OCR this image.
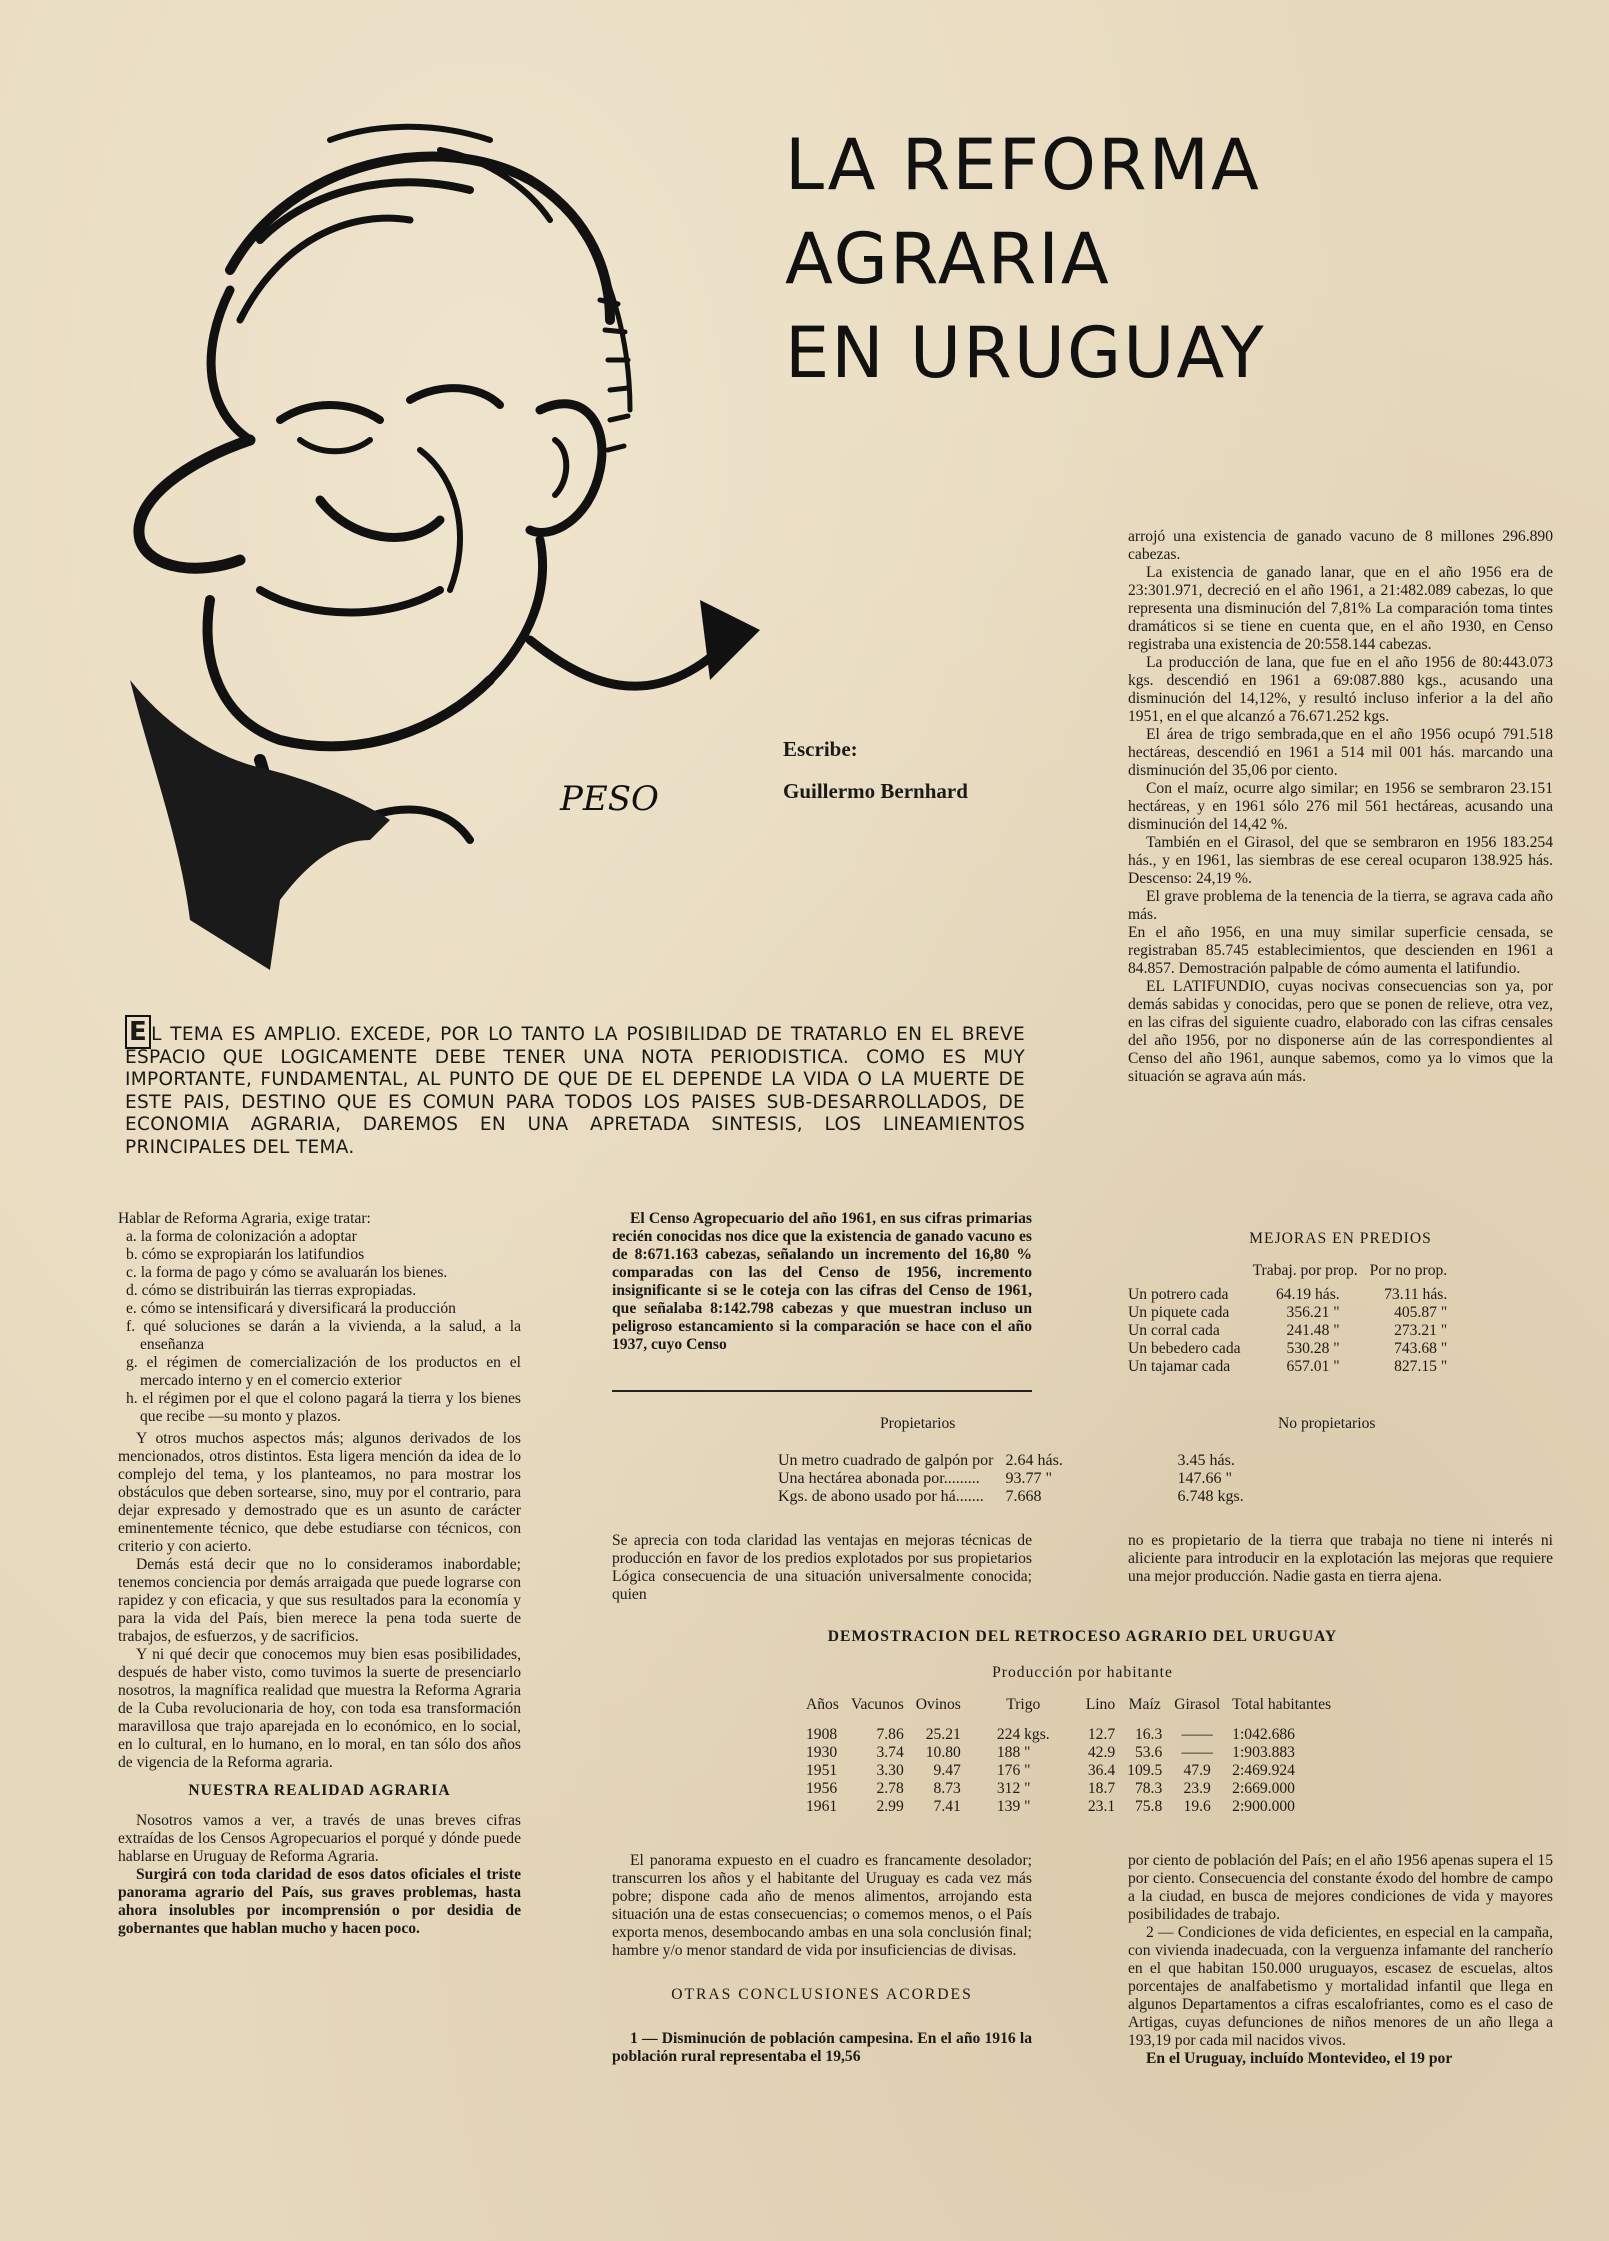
LA REFORMA
AGRARIA
EN URUGUAY
PESO
Escribe:
Guillermo Bernhard
E L TEMA ES AMPLIO. EXCEDE, POR LO TANTO LA POSIBILIDAD DE TRATARLO EN EL BREVE ESPACIO QUE LOGICAMENTE DEBE TENER UNA NOTA PERIODISTICA. COMO ES MUY IMPORTANTE, FUNDAMENTAL, AL PUNTO DE QUE DE EL DEPENDE LA VIDA O LA MUERTE DE ESTE PAIS, DESTINO QUE ES COMUN PARA TODOS LOS PAISES SUB-DESARROLLADOS, DE ECONOMIA AGRARIA, DAREMOS EN UNA APRETADA SINTESIS, LOS LINEAMIENTOS PRINCIPALES DEL TEMA.

Hablar de Reforma Agraria, exige tratar:

a. la forma de colonización a adoptar
b. cómo se expropiarán los latifundios
c. la forma de pago y cómo se avaluarán los bienes.
d. cómo se distribuirán las tierras expropiadas.
e. cómo se intensificará y diversificará la producción
f. qué soluciones se darán a la vivienda, a la salud, a la enseñanza
g. el régimen de comercialización de los productos en el mercado interno y en el comercio exterior
h. el régimen por el que el colono pagará la tierra y los bienes que recibe —su monto y plazos.

Y otros muchos aspectos más; algunos derivados de los mencionados, otros distintos. Esta ligera mención da idea de lo complejo del tema, y los planteamos, no para mostrar los obstáculos que deben sortearse, sino, muy por el contrario, para dejar expresado y demostrado que es un asunto de carácter eminentemente técnico, que debe estudiarse con técnicos, con criterio y con acierto.

Demás está decir que no lo consideramos inabordable; tenemos conciencia por demás arraigada que puede lograrse con rapidez y con eficacia, y que sus resultados para la economía y para la vida del País, bien merece la pena toda suerte de trabajos, de esfuerzos, y de sacrificios.

Y ni qué decir que conocemos muy bien esas posibilidades, después de haber visto, como tuvimos la suerte de presenciarlo nosotros, la magnífica realidad que muestra la Reforma Agraria de la Cuba revolucionaria de hoy, con toda esa transformación maravillosa que trajo aparejada en lo económico, en lo social, en lo cultural, en lo humano, en lo moral, en tan sólo dos años de vigencia de la Reforma agraria.

NUESTRA REALIDAD AGRARIA

Nosotros vamos a ver, a través de unas breves cifras extraídas de los Censos Agropecuarios el porqué y dónde puede hablarse en Uruguay de Reforma Agraria.

Surgirá con toda claridad de esos datos oficiales el triste panorama agrario del País, sus graves problemas, hasta ahora insolubles por incomprensión o por desidia de gobernantes que hablan mucho y hacen poco.

El Censo Agropecuario del año 1961, en sus cifras primarias recién conocidas nos dice que la existencia de ganado vacuno es de 8:671.163 cabezas, señalando un incremento del 16,80 % comparadas con las del Censo de 1956, incremento insignificante si se le coteja con las cifras del Censo de 1961, que señalaba 8:142.798 cabezas y que muestran incluso un peligroso estancamiento si la comparación se hace con el año 1937, cuyo Censo

arrojó una existencia de ganado vacuno de 8 millones 296.890 cabezas.

La existencia de ganado lanar, que en el año 1956 era de 23:301.971, decreció en el año 1961, a 21:482.089 cabezas, lo que representa una disminución del 7,81% La comparación toma tintes dramáticos si se tiene en cuenta que, en el año 1930, en Censo registraba una existencia de 20:558.144 cabezas.

La producción de lana, que fue en el año 1956 de 80:443.073 kgs. descendió en 1961 a 69:087.880 kgs., acusando una disminución del 14,12%, y resultó incluso inferior a la del año 1951, en el que alcanzó a 76.671.252 kgs.

El área de trigo sembrada,que en el año 1956 ocupó 791.518 hectáreas, descendió en 1961 a 514 mil 001 hás. marcando una disminución del 35,06 por ciento.

Con el maíz, ocurre algo similar; en 1956 se sembraron 23.151 hectáreas, y en 1961 sólo 276 mil 561 hectáreas, acusando una disminución del 14,42 %.

También en el Girasol, del que se sembraron en 1956 183.254 hás., y en 1961, las siembras de ese cereal ocuparon 138.925 hás. Descenso: 24,19 %.

El grave problema de la tenencia de la tierra, se agrava cada año más.

En el año 1956, en una muy similar superficie censada, se registraban 85.745 establecimientos, que descienden en 1961 a 84.857. Demostración palpable de cómo aumenta el latifundio.

EL LATIFUNDIO, cuyas nocivas consecuencias son ya, por demás sabidas y conocidas, pero que se ponen de relieve, otra vez, en las cifras del siguiente cuadro, elaborado con las cifras censales del año 1956, por no disponerse aún de las correspondientes al Censo del año 1961, aunque sabemos, como ya lo vimos que la situación se agrava aún más.

MEJORAS EN PREDIOS
	Trabaj. por prop.	Por no prop.

Un potrero cada	64.19 hás.	73.11 hás.
Un piquete cada	356.21 "	405.87 "
Un corral cada	241.48 "	273.21 "
Un bebedero cada	530.28 "	743.68 "
Un tajamar cada	657.01 "	827.15 "
Propietarios	No propietarios
Un metro cuadrado de galpón por	2.64 hás.	3.45 hás.
Una hectárea abonada por.........	93.77 "	147.66 "
Kgs. de abono usado por há.......	7.668	6.748 kgs.

Se aprecia con toda claridad las ventajas en mejoras técnicas de producción en favor de los predios explotados por sus propietarios Lógica consecuencia de una situación universalmente conocida; quien

no es propietario de la tierra que trabaja no tiene ni interés ni aliciente para introducir en la explotación las mejoras que requiere una mejor producción. Nadie gasta en tierra ajena.

DEMOSTRACION DEL RETROCESO AGRARIO DEL URUGUAY
Producción por habitante
Años	Vacunos	Ovinos	Trigo	Lino	Maíz	Girasol	Total habitantes

1908	7.86	25.21	224 kgs.	12.7	16.3	——	1:042.686
1930	3.74	10.80	188 "	42.9	53.6	——	1:903.883
1951	3.30	9.47	176 "	36.4	109.5	47.9	2:469.924
1956	2.78	8.73	312 "	18.7	78.3	23.9	2:669.000
1961	2.99	7.41	139 "	23.1	75.8	19.6	2:900.000

El panorama expuesto en el cuadro es francamente desolador; transcurren los años y el habitante del Uruguay es cada vez más pobre; dispone cada año de menos alimentos, arrojando esta situación una de estas consecuencias; o comemos menos, o el País exporta menos, desembocando ambas en una sola conclusión final; hambre y/o menor standard de vida por insuficiencias de divisas.

OTRAS CONCLUSIONES ACORDES

1 — Disminución de población campesina. En el año 1916 la población rural representaba el 19,56

por ciento de población del País; en el año 1956 apenas supera el 15 por ciento. Consecuencia del constante éxodo del hombre de campo a la ciudad, en busca de mejores condiciones de vida y mayores posibilidades de trabajo.

2 — Condiciones de vida deficientes, en especial en la campaña, con vivienda inadecuada, con la verguenza infamante del rancherío en el que habitan 150.000 uruguayos, escasez de escuelas, altos porcentajes de analfabetismo y mortalidad infantil que llega en algunos Departamentos a cifras escalofriantes, como es el caso de Artigas, cuyas defunciones de niños menores de un año llega a 193,19 por cada mil nacidos vivos.

En el Uruguay, incluído Montevideo, el 19 por
